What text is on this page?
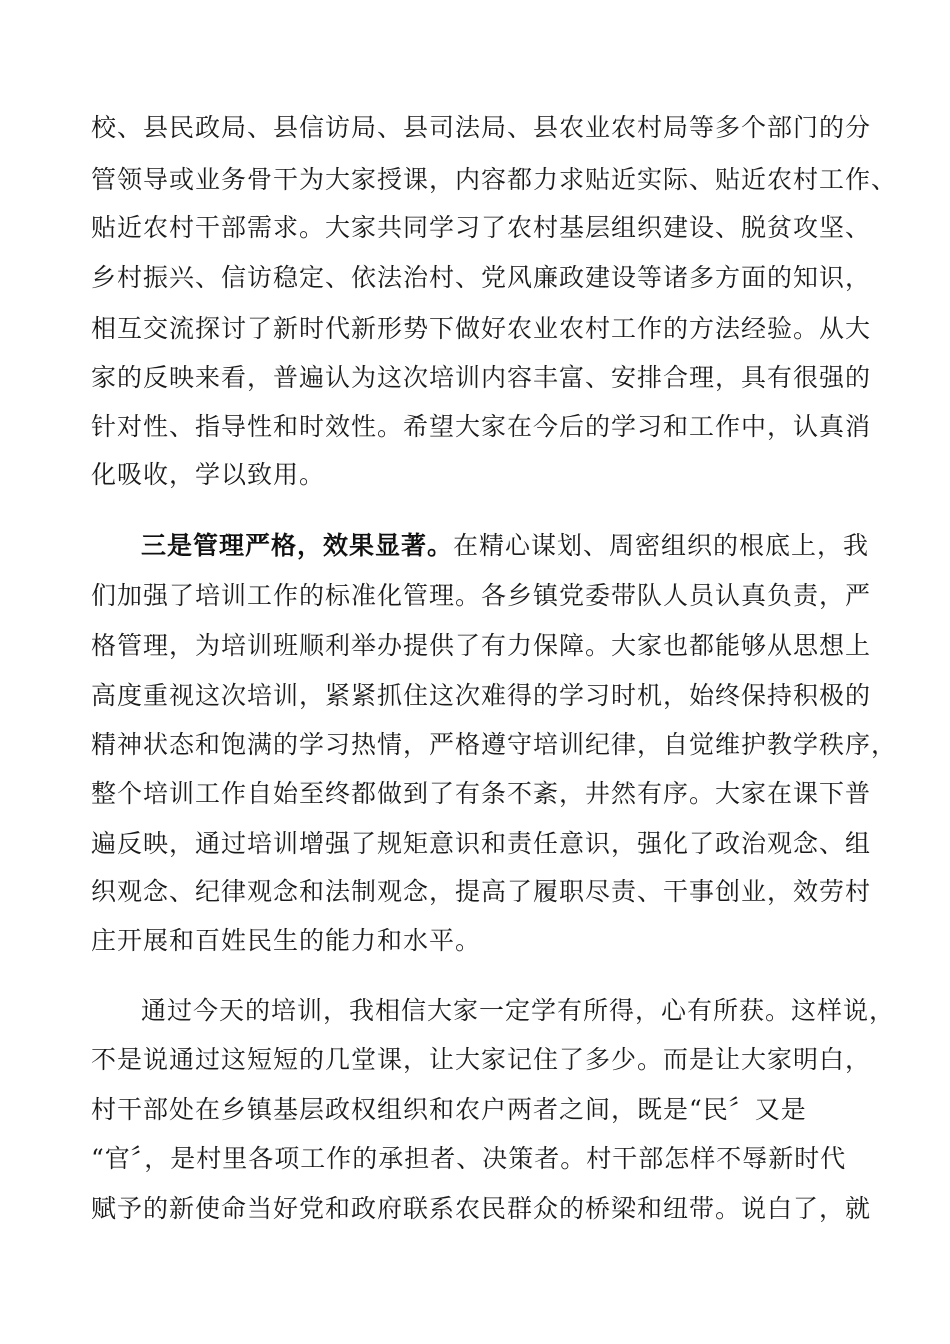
校、县民政局、县信访局、县司法局、县农业农村局等多个部门的分
管领导或业务骨干为大家授课，内容都力求贴近实际、贴近农村工作、
贴近农村干部需求。大家共同学习了农村基层组织建设、脱贫攻坚、
乡村振兴、信访稳定、依法治村、党风廉政建设等诸多方面的知识，
相互交流探讨了新时代新形势下做好农业农村工作的方法经验。从大
家的反映来看，普遍认为这次培训内容丰富、安排合理，具有很强的
针对性、指导性和时效性。希望大家在今后的学习和工作中，认真消
化吸收，学以致用。
三是管理严格，效果显著。在精心谋划、周密组织的根底上，我
们加强了培训工作的标准化管理。各乡镇党委带队人员认真负责，严
格管理，为培训班顺利举办提供了有力保障。大家也都能够从思想上
高度重视这次培训，紧紧抓住这次难得的学习时机，始终保持积极的
精神状态和饱满的学习热情，严格遵守培训纪律，自觉维护教学秩序，
整个培训工作自始至终都做到了有条不紊，井然有序。大家在课下普
遍反映，通过培训增强了规矩意识和责任意识，强化了政治观念、组
织观念、纪律观念和法制观念，提高了履职尽责、干事创业，效劳村
庄开展和百姓民生的能力和水平。
通过今天的培训，我相信大家一定学有所得，心有所获。这样说，
不是说通过这短短的几堂课，让大家记住了多少。而是让大家明白，
村干部处在乡镇基层政权组织和农户两者之间，既是“民〞又是
“官〞，是村里各项工作的承担者、决策者。村干部怎样不辱新时代
赋予的新使命当好党和政府联系农民群众的桥梁和纽带。说白了，就
